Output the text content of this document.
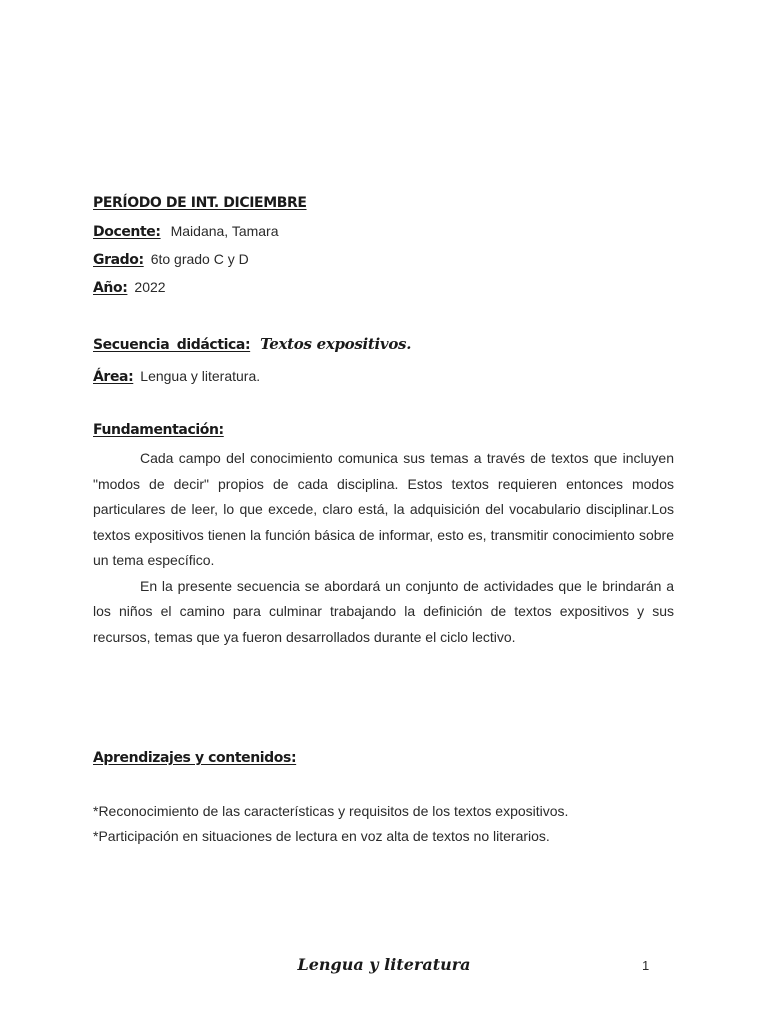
PERÍODO DE INT. DICIEMBRE
Docente: Maidana, Tamara
Grado: 6to grado C y D
Año: 2022
Secuencia didáctica: Textos expositivos.
Área: Lengua y literatura.
Fundamentación:

Cada campo del conocimiento comunica sus temas a través de textos que incluyen "modos de decir" propios de cada disciplina. Estos textos requieren entonces modos particulares de leer, lo que excede, claro está, la adquisición del vocabulario disciplinar.Los textos expositivos tienen la función básica de informar, esto es, transmitir conocimiento sobre un tema específico.

En la presente secuencia se abordará un conjunto de actividades que le brindarán a los niños el camino para culminar trabajando la definición de textos expositivos y sus recursos, temas que ya fueron desarrollados durante el ciclo lectivo.

Aprendizajes y contenidos:
*Reconocimiento de las características y requisitos de los textos expositivos.
*Participación en situaciones de lectura en voz alta de textos no literarios.
Lengua y literatura	1
